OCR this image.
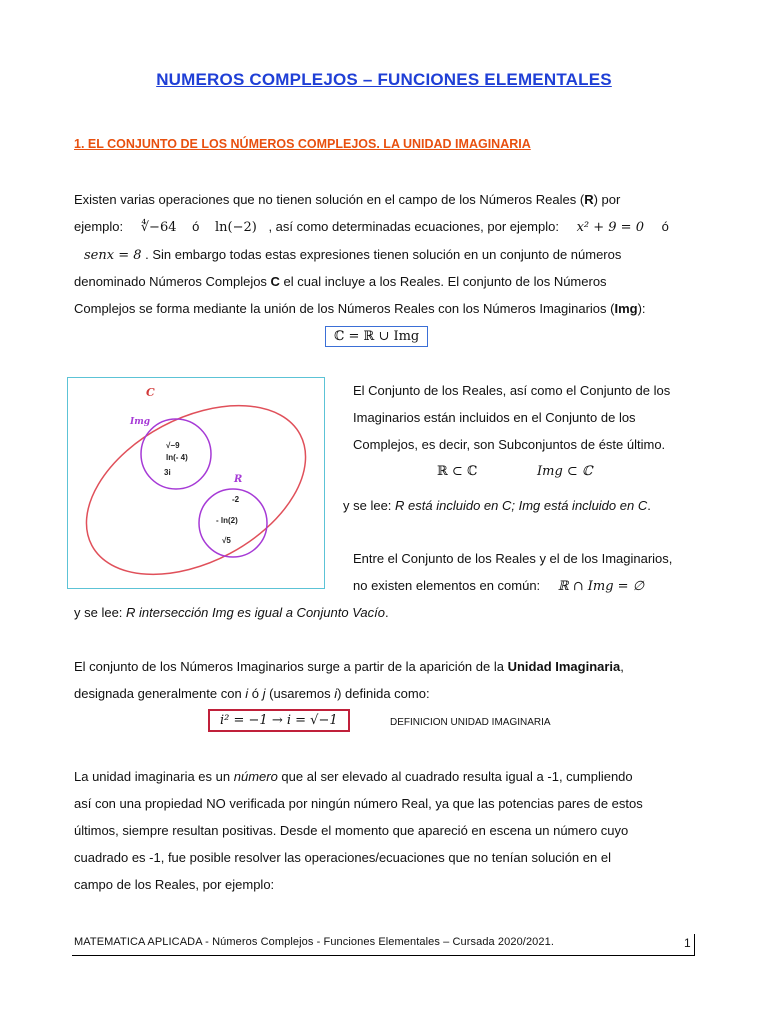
NUMEROS COMPLEJOS – FUNCIONES ELEMENTALES
1. EL CONJUNTO DE LOS NÚMEROS COMPLEJOS. LA UNIDAD IMAGINARIA
Existen varias operaciones que no tienen solución en el campo de los Números Reales (R) por
ejemplo: ∜−64 ó ln(−2) , así como determinadas ecuaciones, por ejemplo: x² + 9 = 0 ó
senx = 8 . Sin embargo todas estas expresiones tienen solución en un conjunto de números
denominado Números Complejos C el cual incluye a los Reales. El conjunto de los Números
Complejos se forma mediante la unión de los Números Reales con los Números Imaginarios (Img):
ℂ = ℝ ∪ Img
C
Img
√−9
ln(- 4)
3i
R
-2
- ln(2)
√5
El Conjunto de los Reales, así como el Conjunto de los
Imaginarios están incluidos en el Conjunto de los
Complejos, es decir, son Subconjuntos de éste último.
ℝ ⊂ ℂ	Img ⊂ ℂ
y se lee: R está incluido en C; Img está incluido en C.
Entre el Conjunto de los Reales y el de los Imaginarios,
no existen elementos en común: ℝ ∩ Img = ∅
y se lee: R intersección Img es igual a Conjunto Vacío.
El conjunto de los Números Imaginarios surge a partir de la aparición de la Unidad Imaginaria,
designada generalmente con i ó j (usaremos i) definida como:
i² = −1 → i = √−1	DEFINICION UNIDAD IMAGINARIA
La unidad imaginaria es un número que al ser elevado al cuadrado resulta igual a -1, cumpliendo
así con una propiedad NO verificada por ningún número Real, ya que las potencias pares de estos
últimos, siempre resultan positivas. Desde el momento que apareció en escena un número cuyo
cuadrado es -1, fue posible resolver las operaciones/ecuaciones que no tenían solución en el
campo de los Reales, por ejemplo:
MATEMATICA APLICADA - Números Complejos - Funciones Elementales – Cursada 2020/2021.	1
